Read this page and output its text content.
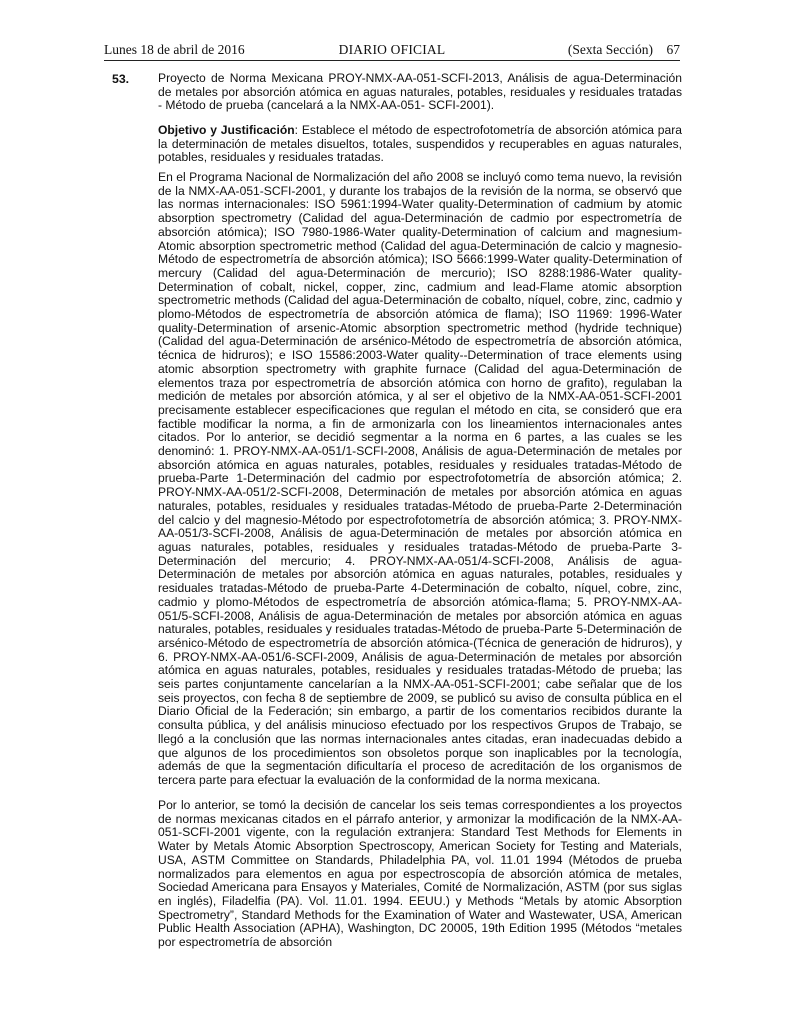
Lunes 18 de abril de 2016	DIARIO OFICIAL	(Sexta Sección) 67
53. Proyecto de Norma Mexicana PROY-NMX-AA-051-SCFI-2013, Análisis de agua-Determinación de metales por absorción atómica en aguas naturales, potables, residuales y residuales tratadas - Método de prueba (cancelará a la NMX-AA-051- SCFI-2001).

Objetivo y Justificación: Establece el método de espectrofotometría de absorción atómica para la determinación de metales disueltos, totales, suspendidos y recuperables en aguas naturales, potables, residuales y residuales tratadas.

En el Programa Nacional de Normalización del año 2008 se incluyó como tema nuevo, la revisión de la NMX-AA-051-SCFI-2001, y durante los trabajos de la revisión de la norma, se observó que las normas internacionales: ISO 5961:1994-Water quality-Determination of cadmium by atomic absorption spectrometry (Calidad del agua-Determinación de cadmio por espectrometría de absorción atómica); ISO 7980-1986-Water quality-Determination of calcium and magnesium-Atomic absorption spectrometric method (Calidad del agua-Determinación de calcio y magnesio-Método de espectrometría de absorción atómica); ISO 5666:1999-Water quality-Determination of mercury (Calidad del agua-Determinación de mercurio); ISO 8288:1986-Water quality-Determination of cobalt, nickel, copper, zinc, cadmium and lead-Flame atomic absorption spectrometric methods (Calidad del agua-Determinación de cobalto, níquel, cobre, zinc, cadmio y plomo-Métodos de espectrometría de absorción atómica de flama); ISO 11969: 1996-Water quality-Determination of arsenic-Atomic absorption spectrometric method (hydride technique) (Calidad del agua-Determinación de arsénico-Método de espectrometría de absorción atómica, técnica de hidruros); e ISO 15586:2003-Water quality--Determination of trace elements using atomic absorption spectrometry with graphite furnace (Calidad del agua-Determinación de elementos traza por espectrometría de absorción atómica con horno de grafito), regulaban la medición de metales por absorción atómica, y al ser el objetivo de la NMX-AA-051-SCFI-2001 precisamente establecer especificaciones que regulan el método en cita, se consideró que era factible modificar la norma, a fin de armonizarla con los lineamientos internacionales antes citados. Por lo anterior, se decidió segmentar a la norma en 6 partes, a las cuales se les denominó: 1. PROY-NMX-AA-051/1-SCFI-2008, Análisis de agua-Determinación de metales por absorción atómica en aguas naturales, potables, residuales y residuales tratadas-Método de prueba-Parte 1-Determinación del cadmio por espectrofotometría de absorción atómica; 2. PROY-NMX-AA-051/2-SCFI-2008, Determinación de metales por absorción atómica en aguas naturales, potables, residuales y residuales tratadas-Método de prueba-Parte 2-Determinación del calcio y del magnesio-Método por espectrofotometría de absorción atómica; 3. PROY-NMX-AA-051/3-SCFI-2008, Análisis de agua-Determinación de metales por absorción atómica en aguas naturales, potables, residuales y residuales tratadas-Método de prueba-Parte 3-Determinación del mercurio; 4. PROY-NMX-AA-051/4-SCFI-2008, Análisis de agua-Determinación de metales por absorción atómica en aguas naturales, potables, residuales y residuales tratadas-Método de prueba-Parte 4-Determinación de cobalto, níquel, cobre, zinc, cadmio y plomo-Métodos de espectrometría de absorción atómica-flama; 5. PROY-NMX-AA-051/5-SCFI-2008, Análisis de agua-Determinación de metales por absorción atómica en aguas naturales, potables, residuales y residuales tratadas-Método de prueba-Parte 5-Determinación de arsénico-Método de espectrometría de absorción atómica-(Técnica de generación de hidruros), y 6. PROY-NMX-AA-051/6-SCFI-2009, Análisis de agua-Determinación de metales por absorción atómica en aguas naturales, potables, residuales y residuales tratadas-Método de prueba; las seis partes conjuntamente cancelarían a la NMX-AA-051-SCFI-2001; cabe señalar que de los seis proyectos, con fecha 8 de septiembre de 2009, se publicó su aviso de consulta pública en el Diario Oficial de la Federación; sin embargo, a partir de los comentarios recibidos durante la consulta pública, y del análisis minucioso efectuado por los respectivos Grupos de Trabajo, se llegó a la conclusión que las normas internacionales antes citadas, eran inadecuadas debido a que algunos de los procedimientos son obsoletos porque son inaplicables por la tecnología, además de que la segmentación dificultaría el proceso de acreditación de los organismos de tercera parte para efectuar la evaluación de la conformidad de la norma mexicana.

Por lo anterior, se tomó la decisión de cancelar los seis temas correspondientes a los proyectos de normas mexicanas citados en el párrafo anterior, y armonizar la modificación de la NMX-AA-051-SCFI-2001 vigente, con la regulación extranjera: Standard Test Methods for Elements in Water by Metals Atomic Absorption Spectroscopy, American Society for Testing and Materials, USA, ASTM Committee on Standards, Philadelphia PA, vol. 11.01 1994 (Métodos de prueba normalizados para elementos en agua por espectroscopía de absorción atómica de metales, Sociedad Americana para Ensayos y Materiales, Comité de Normalización, ASTM (por sus siglas en inglés), Filadelfia (PA). Vol. 11.01. 1994. EEUU.) y Methods “Metals by atomic Absorption Spectrometry”, Standard Methods for the Examination of Water and Wastewater, USA, American Public Health Association (APHA), Washington, DC 20005, 19th Edition 1995 (Métodos “metales por espectrometría de absorción
